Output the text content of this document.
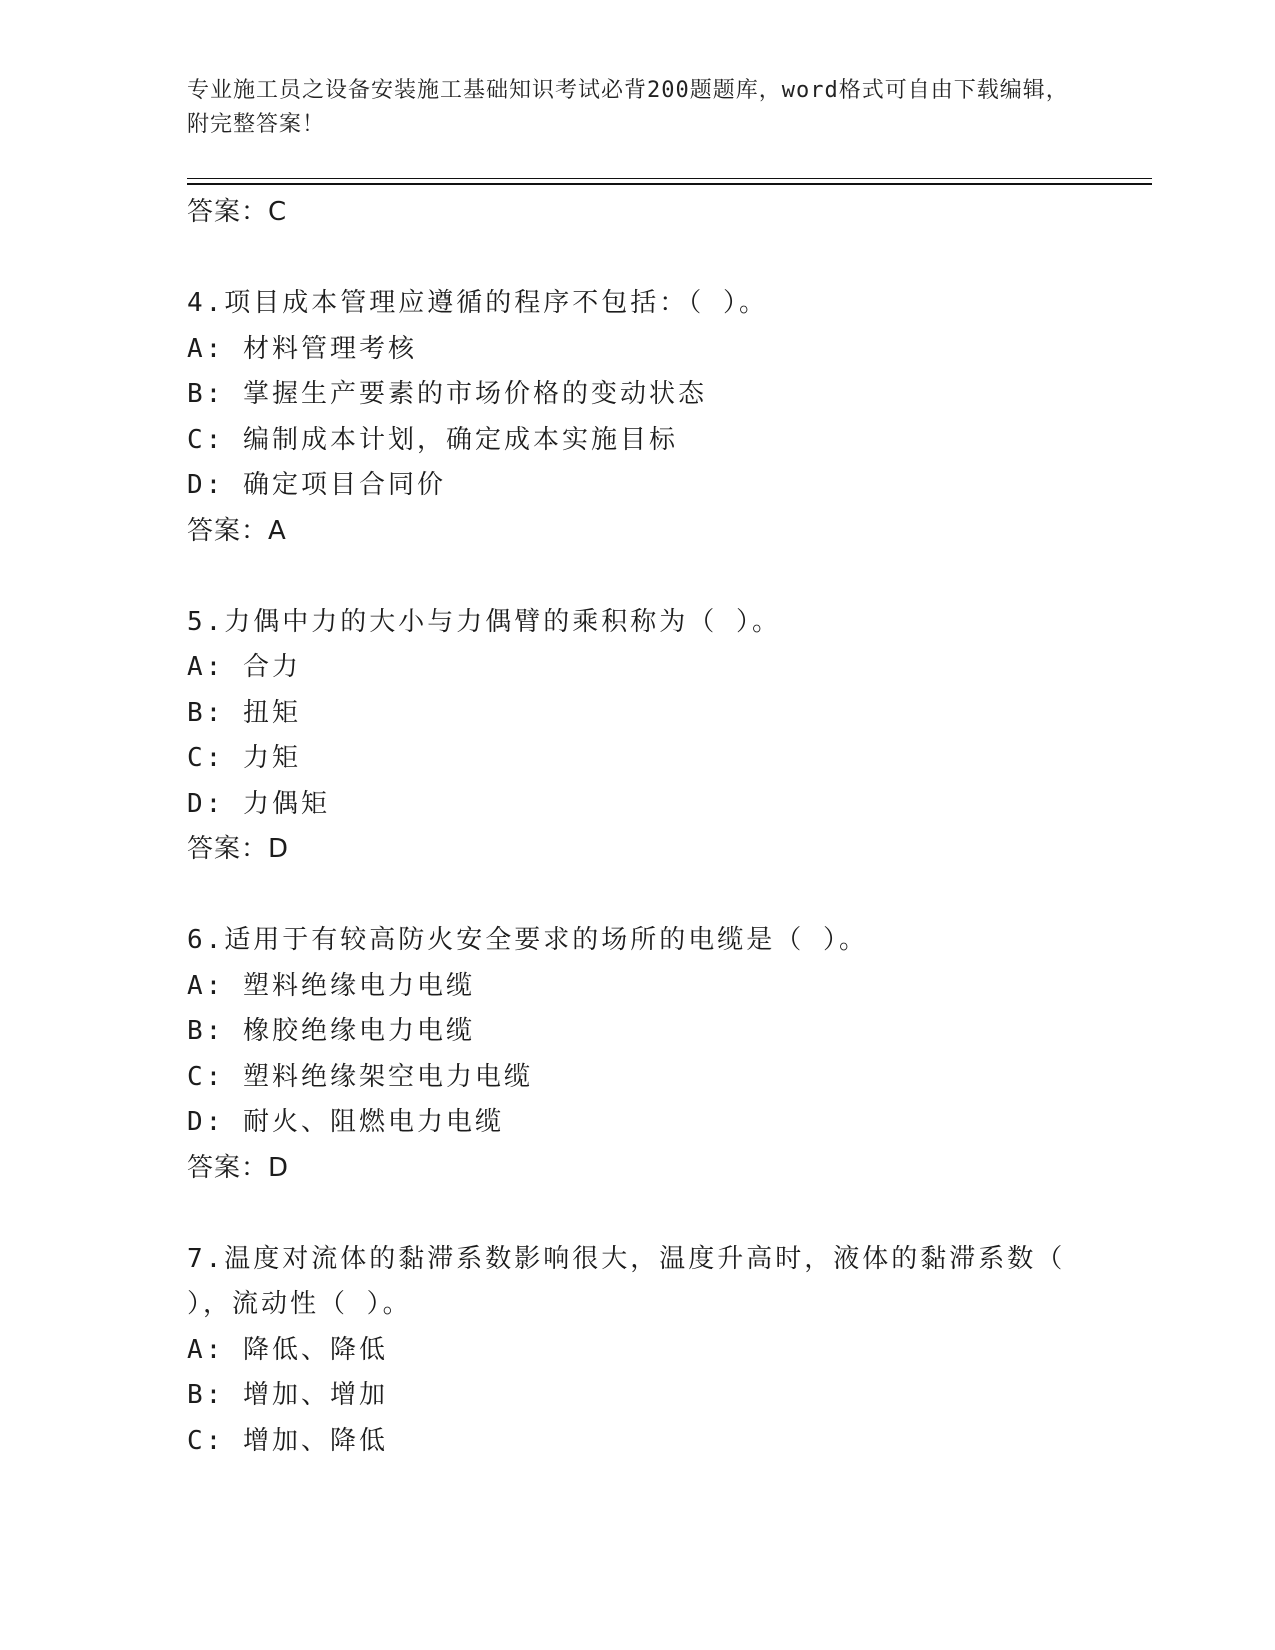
专业施工员之设备安装施工基础知识考试必背200题题库，word格式可自由下载编辑，附完整答案！
答案：C
4.项目成本管理应遵循的程序不包括：（ ）。
A: 材料管理考核
B: 掌握生产要素的市场价格的变动状态
C: 编制成本计划，确定成本实施目标
D: 确定项目合同价
答案：A
5.力偶中力的大小与力偶臂的乘积称为（ ）。
A: 合力
B: 扭矩
C: 力矩
D: 力偶矩
答案：D
6.适用于有较高防火安全要求的场所的电缆是（ ）。
A: 塑料绝缘电力电缆
B: 橡胶绝缘电力电缆
C: 塑料绝缘架空电力电缆
D: 耐火、阻燃电力电缆
答案：D
7.温度对流体的黏滞系数影响很大，温度升高时，液体的黏滞系数（ ），流动性（ ）。
A: 降低、降低
B: 增加、增加
C: 增加、降低
